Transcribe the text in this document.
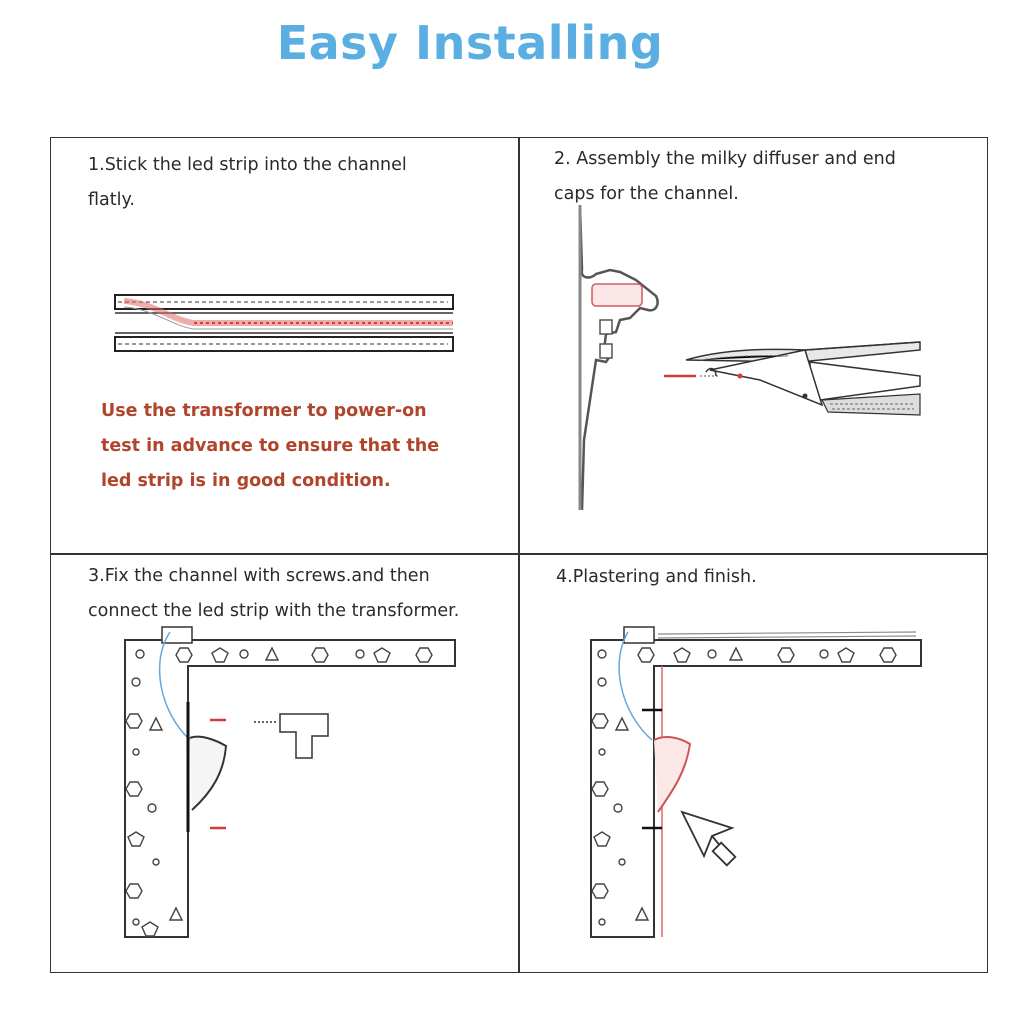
Easy Installing
1.Stick the led strip into the channel
flatly.
Use the transformer to power-on
test in advance to ensure that the
led strip is in good condition.
2. Assembly the milky diffuser and end
caps for the channel.
3.Fix the channel with screws.and then
connect the led strip with the transformer.
4.Plastering and finish.
